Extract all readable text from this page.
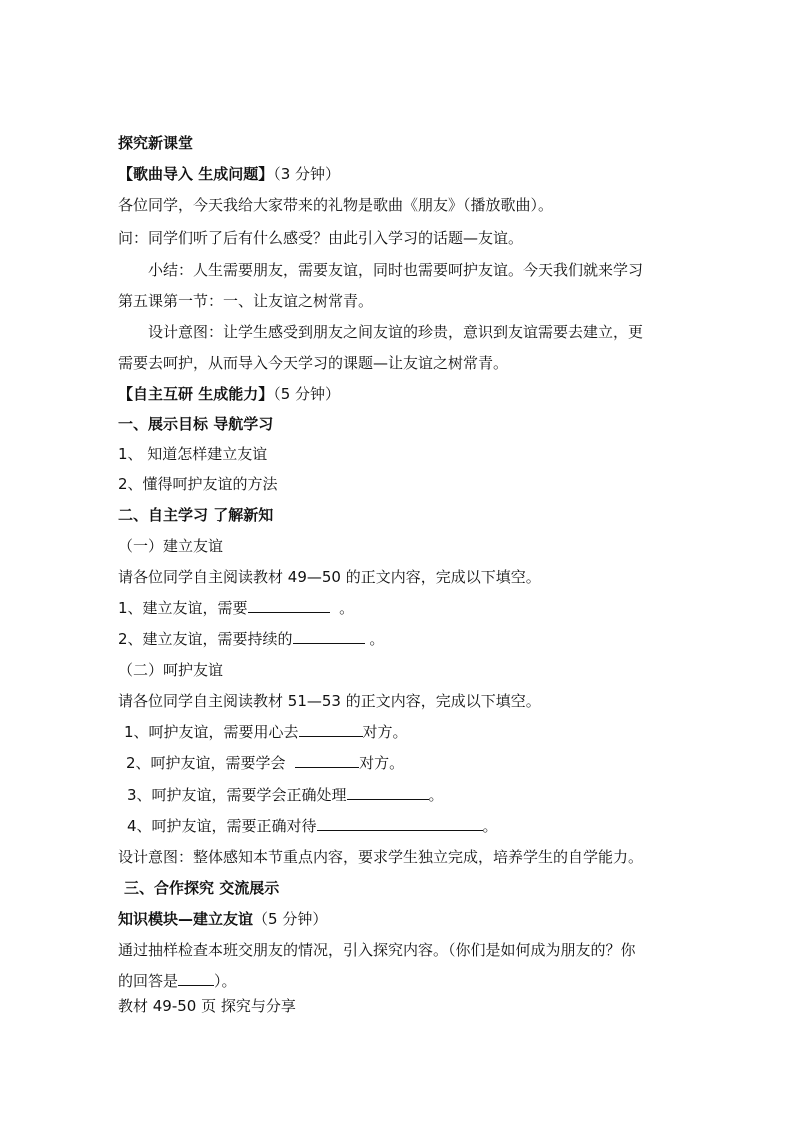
探究新课堂
【歌曲导入 生成问题】（3 分钟）
各位同学，今天我给大家带来的礼物是歌曲《朋友》（播放歌曲）。
问：同学们听了后有什么感受？由此引入学习的话题—友谊。
小结：人生需要朋友，需要友谊，同时也需要呵护友谊。今天我们就来学习
第五课第一节：一、让友谊之树常青。
设计意图：让学生感受到朋友之间友谊的珍贵，意识到友谊需要去建立，更
需要去呵护，从而导入今天学习的课题—让友谊之树常青。
【自主互研 生成能力】（5 分钟）
一、展示目标 导航学习
1、 知道怎样建立友谊
2、懂得呵护友谊的方法
二、自主学习 了解新知
（一）建立友谊
请各位同学自主阅读教材 49—50 的正文内容，完成以下填空。
1、建立友谊，需要	。
2、建立友谊，需要持续的	。
（二）呵护友谊
请各位同学自主阅读教材 51—53 的正文内容，完成以下填空。
1、呵护友谊，需要用心去	对方。
2、呵护友谊，需要学会	对方。
3、呵护友谊，需要学会正确处理	。
4、呵护友谊，需要正确对待	。
设计意图：整体感知本节重点内容，要求学生独立完成，培养学生的自学能力。
三、合作探究 交流展示
知识模块—建立友谊（5 分钟）
通过抽样检查本班交朋友的情况，引入探究内容。（你们是如何成为朋友的？你
的回答是 ）。
教材 49-50 页 探究与分享
